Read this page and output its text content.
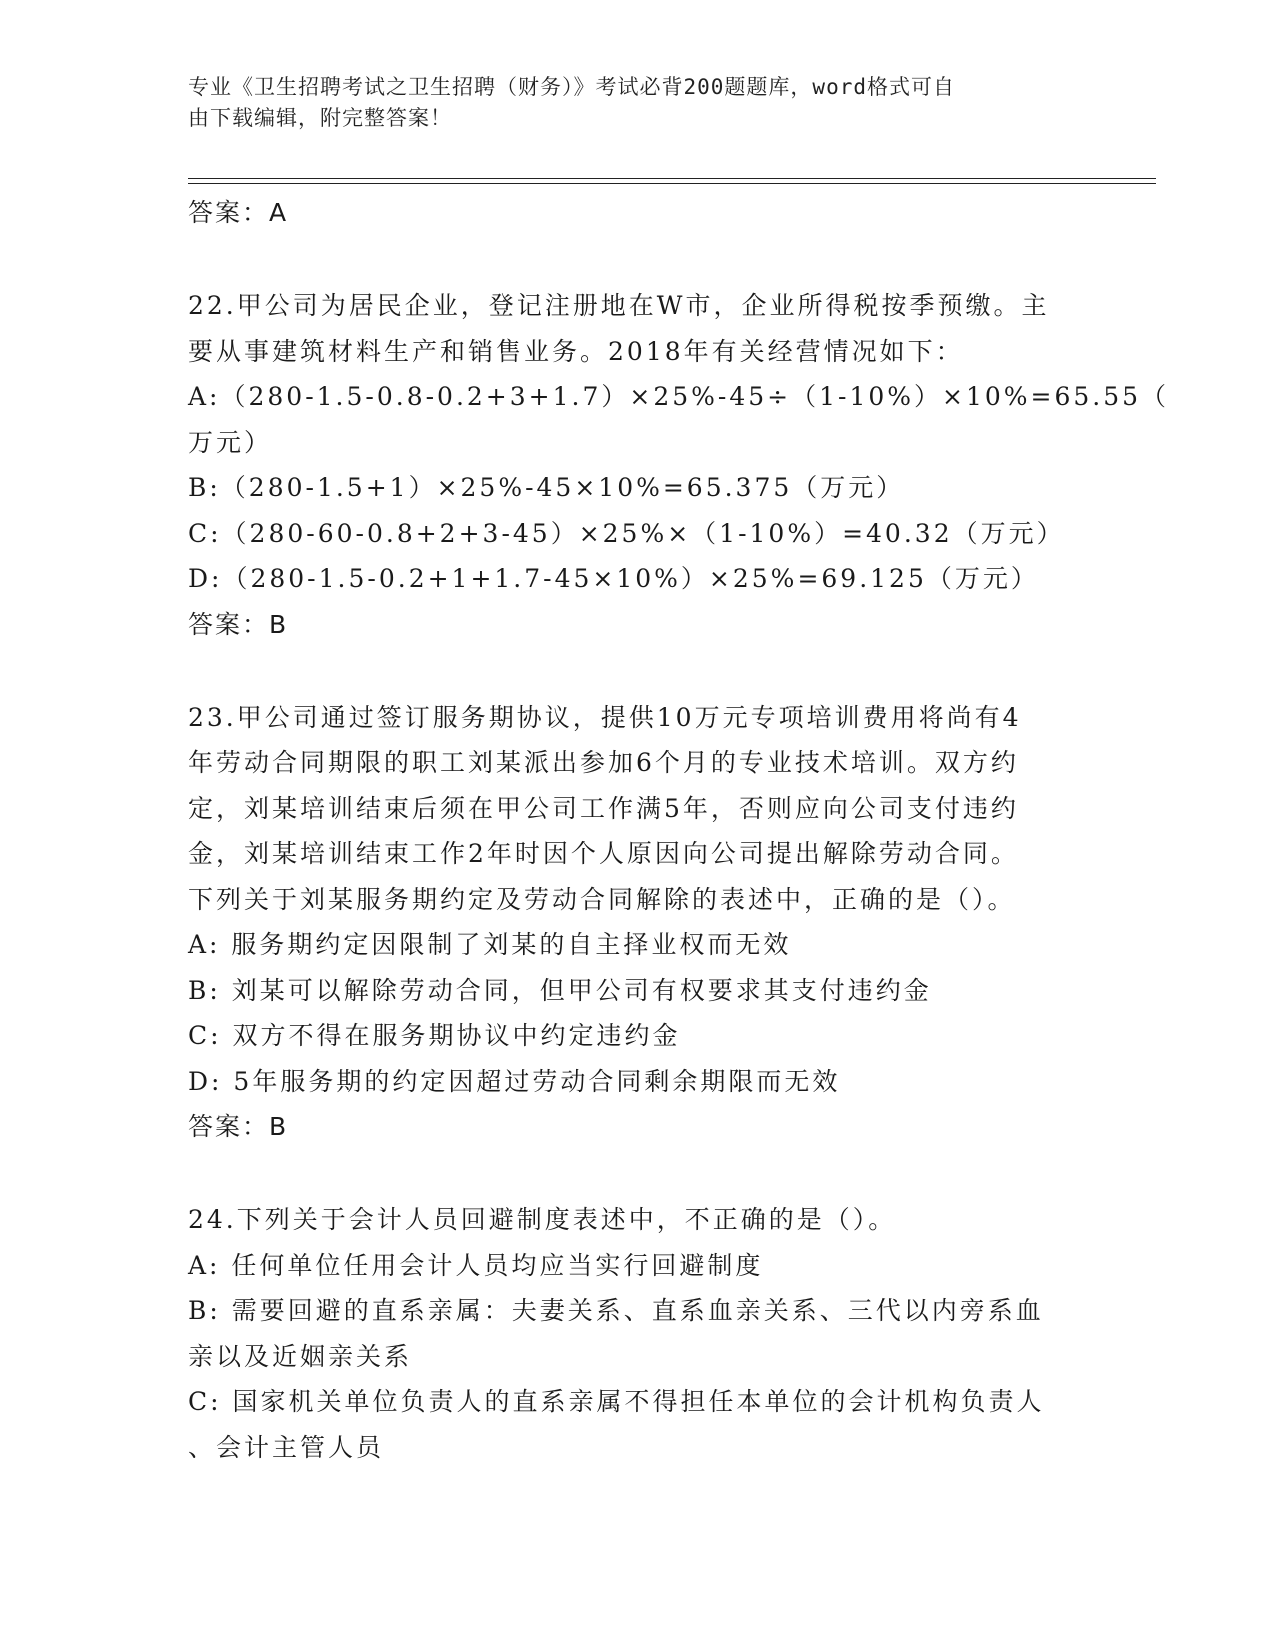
专业《卫生招聘考试之卫生招聘（财务）》考试必背200题题库，word格式可自
由下载编辑，附完整答案！
答案：A
22.甲公司为居民企业，登记注册地在W市，企业所得税按季预缴。主
要从事建筑材料生产和销售业务。2018年有关经营情况如下：
A:（280-1.5-0.8-0.2+3+1.7）×25%-45÷（1-10%）×10%=65.55（
万元）
B:（280-1.5+1）×25%-45×10%=65.375（万元）
C:（280-60-0.8+2+3-45）×25%×（1-10%）=40.32（万元）
D:（280-1.5-0.2+1+1.7-45×10%）×25%=69.125（万元）
答案：B
23.甲公司通过签订服务期协议，提供10万元专项培训费用将尚有4
年劳动合同期限的职工刘某派出参加6个月的专业技术培训。双方约
定，刘某培训结束后须在甲公司工作满5年，否则应向公司支付违约
金，刘某培训结束工作2年时因个人原因向公司提出解除劳动合同。
下列关于刘某服务期约定及劳动合同解除的表述中，正确的是（）。
A: 服务期约定因限制了刘某的自主择业权而无效
B: 刘某可以解除劳动合同，但甲公司有权要求其支付违约金
C: 双方不得在服务期协议中约定违约金
D: 5年服务期的约定因超过劳动合同剩余期限而无效
答案：B
24.下列关于会计人员回避制度表述中，不正确的是（）。
A: 任何单位任用会计人员均应当实行回避制度
B: 需要回避的直系亲属：夫妻关系、直系血亲关系、三代以内旁系血
亲以及近姻亲关系
C: 国家机关单位负责人的直系亲属不得担任本单位的会计机构负责人
、会计主管人员
